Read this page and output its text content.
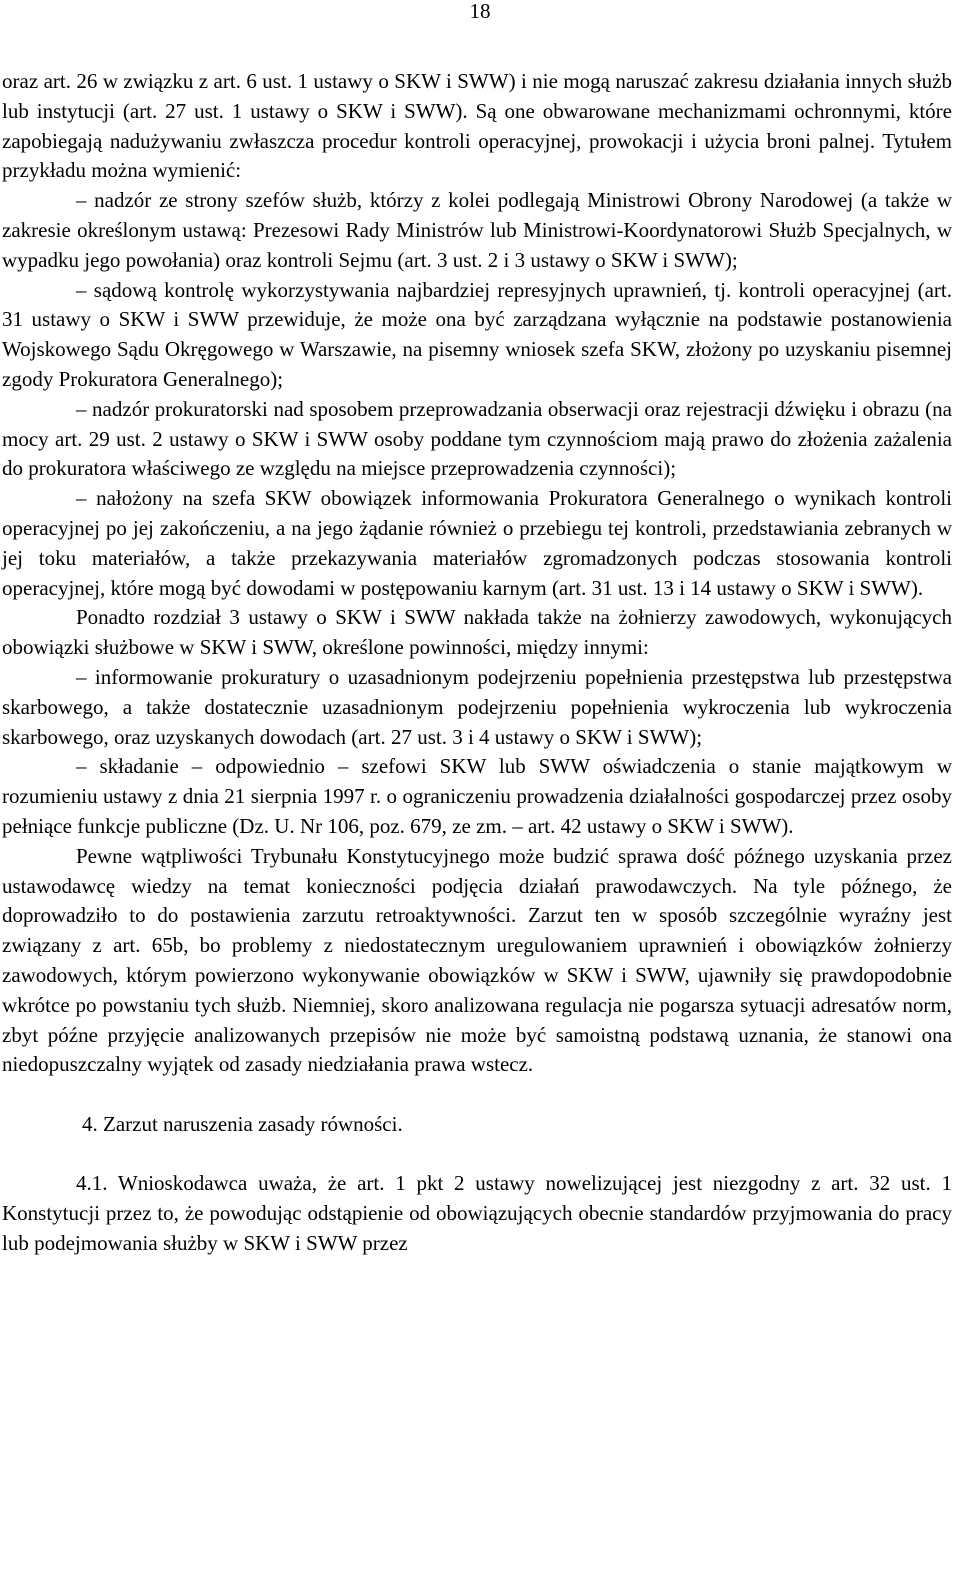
18

oraz art. 26 w związku z art. 6 ust. 1 ustawy o SKW i SWW) i nie mogą naruszać zakresu działania innych służb lub instytucji (art. 27 ust. 1 ustawy o SKW i SWW). Są one obwarowane mechanizmami ochronnymi, które zapobiegają nadużywaniu zwłaszcza procedur kontroli operacyjnej, prowokacji i użycia broni palnej. Tytułem przykładu można wymienić:

– nadzór ze strony szefów służb, którzy z kolei podlegają Ministrowi Obrony Narodowej (a także w zakresie określonym ustawą: Prezesowi Rady Ministrów lub Ministrowi-Koordynatorowi Służb Specjalnych, w wypadku jego powołania) oraz kontroli Sejmu (art. 3 ust. 2 i 3 ustawy o SKW i SWW);

– sądową kontrolę wykorzystywania najbardziej represyjnych uprawnień, tj. kontroli operacyjnej (art. 31 ustawy o SKW i SWW przewiduje, że może ona być zarządzana wyłącznie na podstawie postanowienia Wojskowego Sądu Okręgowego w Warszawie, na pisemny wniosek szefa SKW, złożony po uzyskaniu pisemnej zgody Prokuratora Generalnego);

– nadzór prokuratorski nad sposobem przeprowadzania obserwacji oraz rejestracji dźwięku i obrazu (na mocy art. 29 ust. 2 ustawy o SKW i SWW osoby poddane tym czynnościom mają prawo do złożenia zażalenia do prokuratora właściwego ze względu na miejsce przeprowadzenia czynności);

– nałożony na szefa SKW obowiązek informowania Prokuratora Generalnego o wynikach kontroli operacyjnej po jej zakończeniu, a na jego żądanie również o przebiegu tej kontroli, przedstawiania zebranych w jej toku materiałów, a także przekazywania materiałów zgromadzonych podczas stosowania kontroli operacyjnej, które mogą być dowodami w postępowaniu karnym (art. 31 ust. 13 i 14 ustawy o SKW i SWW).

Ponadto rozdział 3 ustawy o SKW i SWW nakłada także na żołnierzy zawodowych, wykonujących obowiązki służbowe w SKW i SWW, określone powinności, między innymi:

– informowanie prokuratury o uzasadnionym podejrzeniu popełnienia przestępstwa lub przestępstwa skarbowego, a także dostatecznie uzasadnionym podejrzeniu popełnienia wykroczenia lub wykroczenia skarbowego, oraz uzyskanych dowodach (art. 27 ust. 3 i 4 ustawy o SKW i SWW);

– składanie – odpowiednio – szefowi SKW lub SWW oświadczenia o stanie majątkowym w rozumieniu ustawy z dnia 21 sierpnia 1997 r. o ograniczeniu prowadzenia działalności gospodarczej przez osoby pełniące funkcje publiczne (Dz. U. Nr 106, poz. 679, ze zm. – art. 42 ustawy o SKW i SWW).

Pewne wątpliwości Trybunału Konstytucyjnego może budzić sprawa dość późnego uzyskania przez ustawodawcę wiedzy na temat konieczności podjęcia działań prawodawczych. Na tyle późnego, że doprowadziło to do postawienia zarzutu retroaktywności. Zarzut ten w sposób szczególnie wyraźny jest związany z art. 65b, bo problemy z niedostatecznym uregulowaniem uprawnień i obowiązków żołnierzy zawodowych, którym powierzono wykonywanie obowiązków w SKW i SWW, ujawniły się prawdopodobnie wkrótce po powstaniu tych służb. Niemniej, skoro analizowana regulacja nie pogarsza sytuacji adresatów norm, zbyt późne przyjęcie analizowanych przepisów nie może być samoistną podstawą uznania, że stanowi ona niedopuszczalny wyjątek od zasady niedziałania prawa wstecz.

4. Zarzut naruszenia zasady równości.

4.1. Wnioskodawca uważa, że art. 1 pkt 2 ustawy nowelizującej jest niezgodny z art. 32 ust. 1 Konstytucji przez to, że powodując odstąpienie od obowiązujących obecnie standardów przyjmowania do pracy lub podejmowania służby w SKW i SWW przez
